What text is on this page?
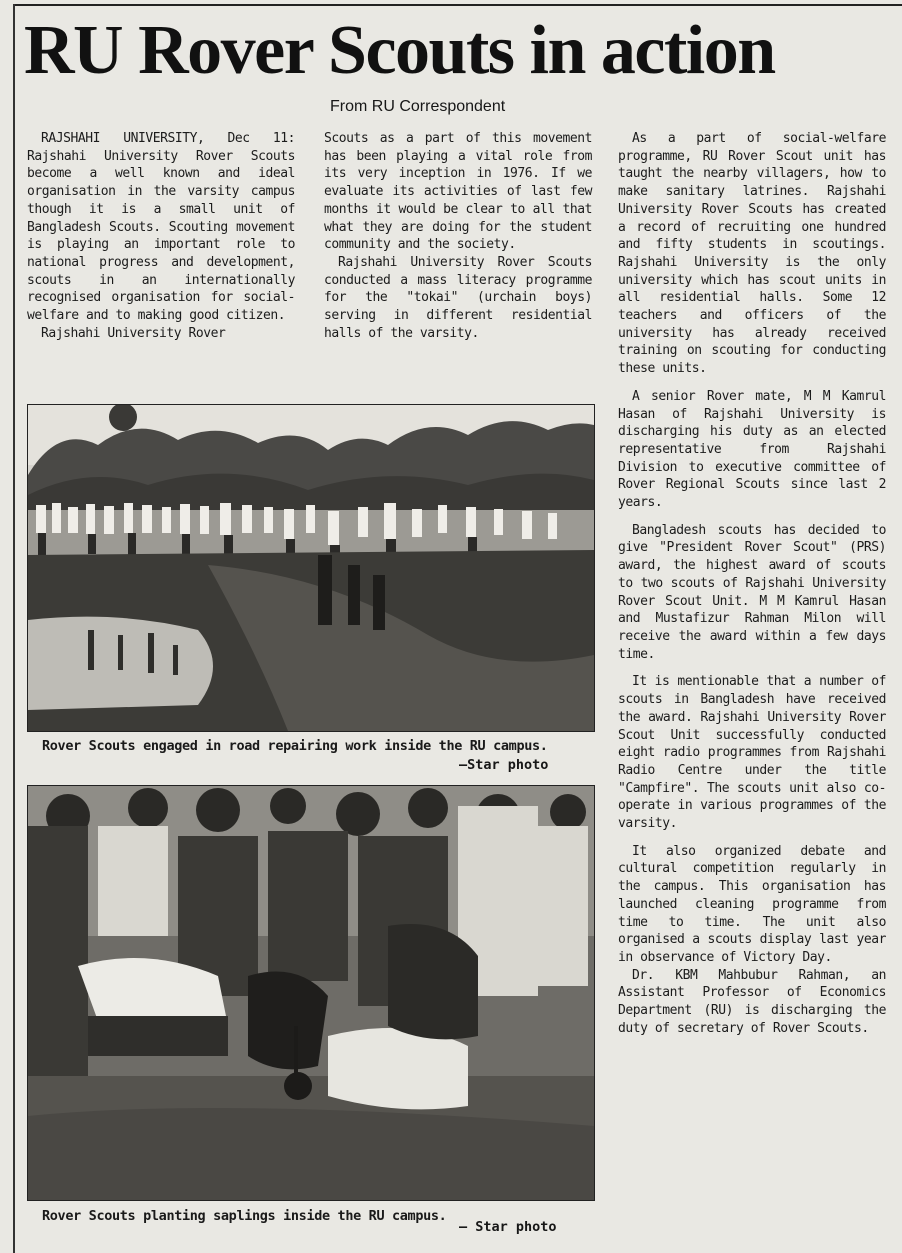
RU Rover Scouts in action
From RU Correspondent

RAJSHAHI UNIVERSITY, Dec 11: Rajshahi University Rover Scouts become a well known and ideal organisation in the varsity campus though it is a small unit of Bangladesh Scouts. Scouting movement is playing an important role to national progress and development, scouts in an internationally recognised organisation for social-welfare and to making good citizen.

Rajshahi University Rover

Scouts as a part of this movement has been playing a vital role from its very inception in 1976. If we evaluate its activities of last few months it would be clear to all that what they are doing for the student community and the society.

Rajshahi University Rover Scouts conducted a mass literacy programme for the "tokai" (urchain boys) serving in different residential halls of the varsity.

As a part of social-welfare programme, RU Rover Scout unit has taught the nearby villagers, how to make sanitary latrines. Rajshahi University Rover Scouts has created a record of recruiting one hundred and fifty students in scoutings. Rajshahi University is the only university which has scout units in all residential halls. Some 12 teachers and officers of the university has already received training on scouting for conducting these units.

A senior Rover mate, M M Kamrul Hasan of Rajshahi University is discharging his duty as an elected representative from Rajshahi Division to executive committee of Rover Regional Scouts since last 2 years.

Bangladesh scouts has decided to give "President Rover Scout" (PRS) award, the highest award of scouts to two scouts of Rajshahi University Rover Scout Unit. M M Kamrul Hasan and Mustafizur Rahman Milon will receive the award within a few days time.

It is mentionable that a number of scouts in Bangladesh have received the award. Rajshahi University Rover Scout Unit successfully conducted eight radio programmes from Rajshahi Radio Centre under the title "Campfire". The scouts unit also co-operate in various programmes of the varsity.

It also organized debate and cultural competition regularly in the campus. This organisation has launched cleaning programme from time to time. The unit also organised a scouts display last year in observance of Victory Day.

Dr. KBM Mahbubur Rahman, an Assistant Professor of Economics Department (RU) is discharging the duty of secretary of Rover Scouts.

Rover Scouts engaged in road repairing work inside the RU campus.
—Star photo
Rover Scouts planting saplings inside the RU campus.
— Star photo
